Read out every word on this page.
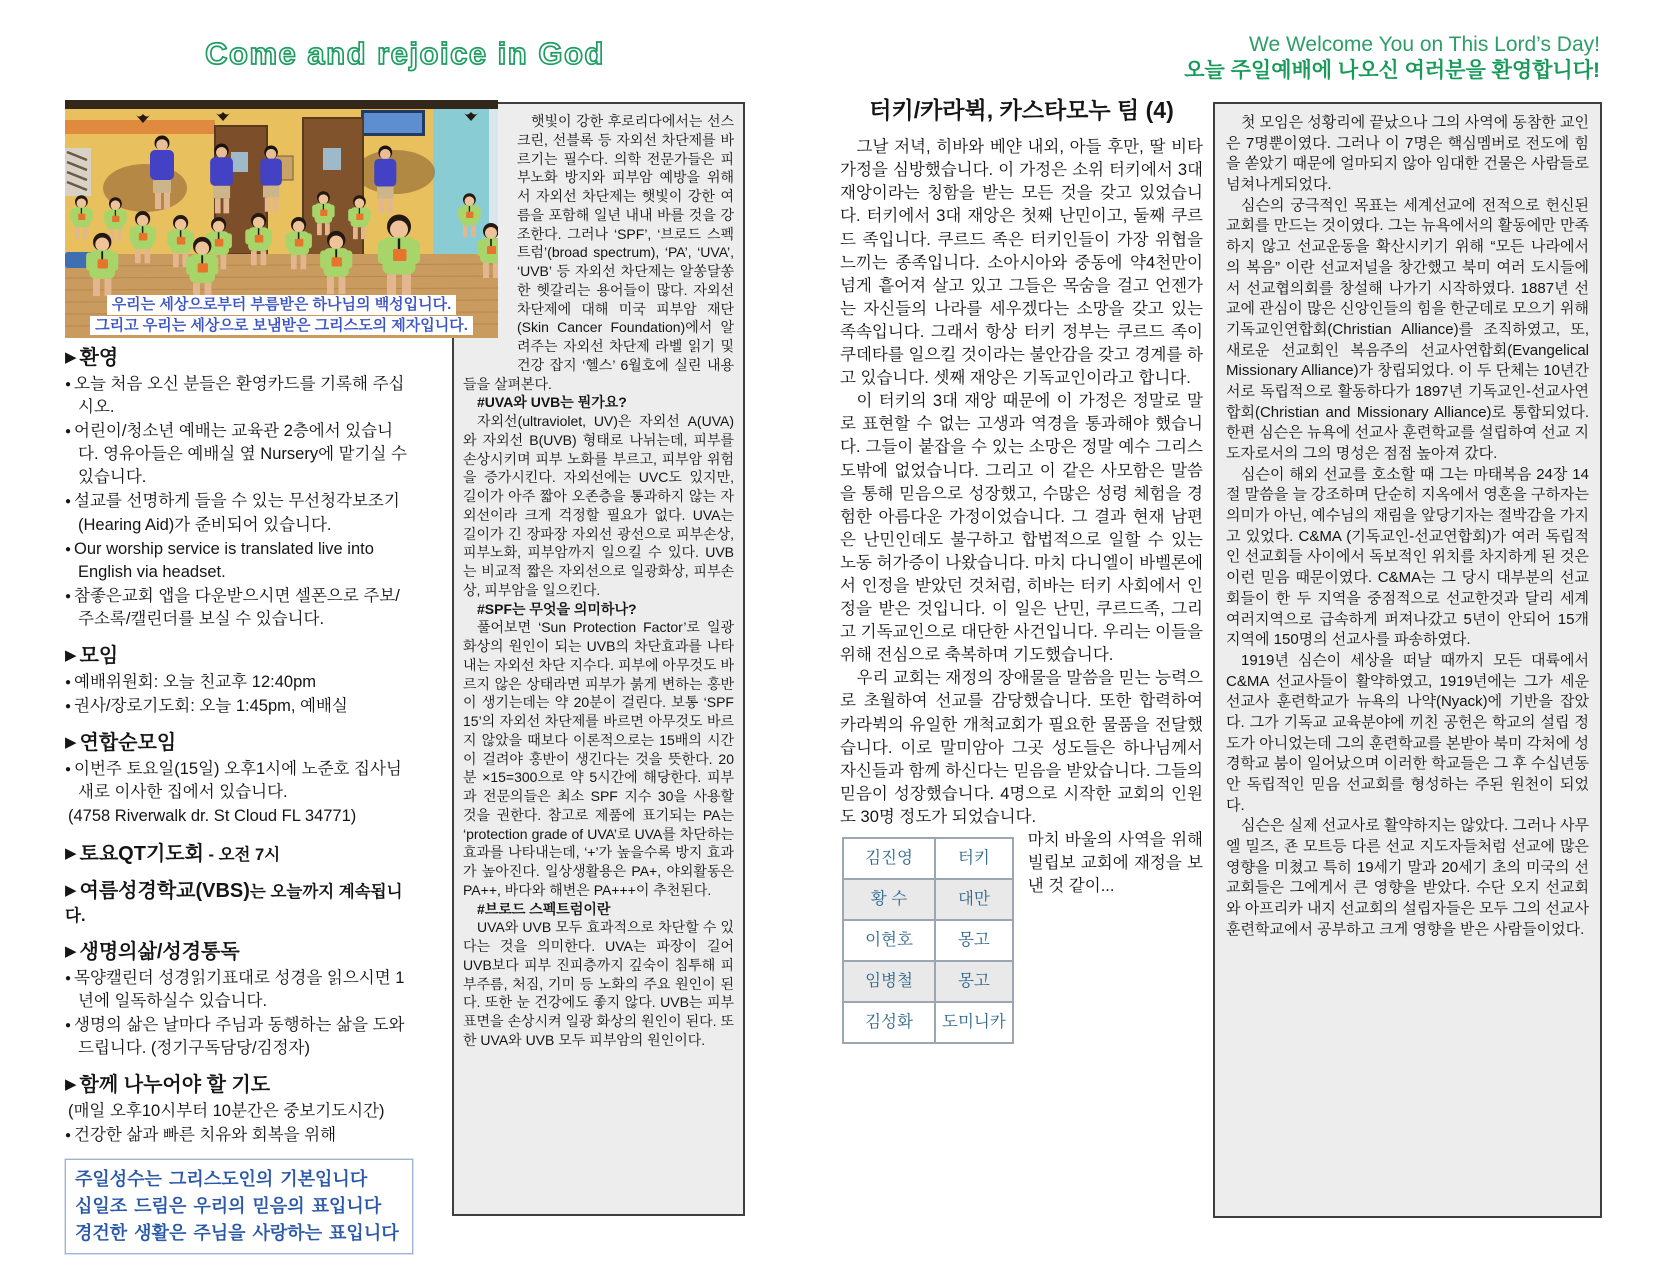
Come and rejoice in God	We Welcome You on This Lord’s Day!
오늘 주일예배에 나오신 여러분을 환영합니다!
우리는 세상으로부터 부름받은 하나님의 백성입니다.
그리고 우리는 세상으로 보냄받은 그리스도의 제자입니다.
▶ 환영
● 오늘 처음 오신 분들은 환영카드를 기록해 주십시오.
● 어린이/청소년 예배는 교육관 2층에서 있습니다. 영유아들은 예배실 옆 Nursery에 맡기실 수 있습니다.
● 설교를 선명하게 들을 수 있는 무선청각보조기(Hearing Aid)가 준비되어 있습니다.
● Our worship service is translated live into English via headset.
● 참좋은교회 앱을 다운받으시면 셀폰으로 주보/주소록/캘린더를 보실 수 있습니다.
▶ 모임
● 예배위원회: 오늘 친교후 12:40pm
● 권사/장로기도회: 오늘 1:45pm, 예배실
▶ 연합순모임
● 이번주 토요일(15일) 오후1시에 노준호 집사님 새로 이사한 집에서 있습니다.
(4758 Riverwalk dr. St Cloud FL 34771)
▶ 토요QT기도회 - 오전 7시
▶ 여름성경학교(VBS)는 오늘까지 계속됩니다.
▶ 생명의삶/성경통독
● 목양캘린더 성경읽기표대로 성경을 읽으시면 1년에 일독하실수 있습니다.
● 생명의 삶은 날마다 주님과 동행하는 삶을 도와드립니다. (정기구독담당/김정자)
▶ 함께 나누어야 할 기도
(매일 오후10시부터 10분간은 중보기도시간)
● 건강한 삶과 빠른 치유와 회복을 위해
주일성수는 그리스도인의 기본입니다
십일조 드림은 우리의 믿음의 표입니다
경건한 생활은 주님을 사랑하는 표입니다

햇빛이 강한 후로리다에서는 선스크린, 선블록 등 자외선 차단제를 바르기는 필수다. 의학 전문가들은 피부노화 방지와 피부암 예방을 위해서 자외선 차단제는 햇빛이 강한 여름을 포함해 일년 내내 바를 것을 강조한다. 그러나 ‘SPF’, ‘브로드 스펙트럼’(broad spectrum), ‘PA’, ‘UVA’, ‘UVB’ 등 자외선 차단제는 알쏭달쏭한 헷갈리는 용어들이 많다. 자외선 차단제에 대해 미국 피부암 재단(Skin Cancer Foundation)에서 알려주는 자외선 차단제 라벨 읽기 및 건강 잡지 ‘헬스’ 6월호에 실린 내용들을 살펴본다.

#UVA와 UVB는 뭔가요?

자외선(ultraviolet, UV)은 자외선 A(UVA)와 자외선 B(UVB) 형태로 나뉘는데, 피부를 손상시키며 피부 노화를 부르고, 피부암 위험을 증가시킨다. 자외선에는 UVC도 있지만, 길이가 아주 짧아 오존층을 통과하지 않는 자외선이라 크게 걱정할 필요가 없다. UVA는 길이가 긴 장파장 자외선 광선으로 피부손상, 피부노화, 피부암까지 일으킬 수 있다. UVB는 비교적 짧은 자외선으로 일광화상, 피부손상, 피부암을 일으킨다.

#SPF는 무엇을 의미하나?

풀어보면 ‘Sun Protection Factor’로 일광화상의 원인이 되는 UVB의 차단효과를 나타내는 자외선 차단 지수다. 피부에 아무것도 바르지 않은 상태라면 피부가 붉게 변하는 홍반이 생기는데는 약 20분이 걸린다. 보통 ‘SPF 15’의 자외선 차단제를 바르면 아무것도 바르지 않았을 때보다 이론적으로는 15배의 시간이 걸려야 홍반이 생긴다는 것을 뜻한다. 20분 ×15=300으로 약 5시간에 해당한다. 피부과 전문의들은 최소 SPF 지수 30을 사용할 것을 권한다. 참고로 제품에 표기되는 PA는 ‘protection grade of UVA’로 UVA를 차단하는 효과를 나타내는데, ‘+’가 높을수록 방지 효과가 높아진다. 일상생활용은 PA+, 야외활동은 PA++, 바다와 해변은 PA+++이 추천된다.

#브로드 스펙트럼이란

UVA와 UVB 모두 효과적으로 차단할 수 있다는 것을 의미한다. UVA는 파장이 길어 UVB보다 피부 진피층까지 깊숙이 침투해 피부주름, 처짐, 기미 등 노화의 주요 원인이 된다. 또한 눈 건강에도 좋지 않다. UVB는 피부 표면을 손상시켜 일광 화상의 원인이 된다. 또한 UVA와 UVB 모두 피부암의 원인이다.

터키/카라뷕, 카스타모누 팀 (4)

그날 저녁, 히바와 베얀 내외, 아들 후만, 딸 비타 가정을 심방했습니다. 이 가정은 소위 터키에서 3대 재앙이라는 칭함을 받는 모든 것을 갖고 있었습니다. 터키에서 3대 재앙은 첫째 난민이고, 둘째 쿠르드 족입니다. 쿠르드 족은 터키인들이 가장 위협을 느끼는 종족입니다. 소아시아와 중동에 약4천만이 넘게 흩어져 살고 있고 그들은 목숨을 걸고 언젠가는 자신들의 나라를 세우겠다는 소망을 갖고 있는 족속입니다. 그래서 항상 터키 정부는 쿠르드 족이 쿠데타를 일으킬 것이라는 불안감을 갖고 경계를 하고 있습니다. 셋째 재앙은 기독교인이라고 합니다.

이 터키의 3대 재앙 때문에 이 가정은 정말로 말로 표현할 수 없는 고생과 역경을 통과해야 했습니다. 그들이 붙잡을 수 있는 소망은 정말 예수 그리스도밖에 없었습니다. 그리고 이 같은 사모함은 말씀을 통해 믿음으로 성장했고, 수많은 성령 체험을 경험한 아름다운 가정이었습니다. 그 결과 현재 남편은 난민인데도 불구하고 합법적으로 일할 수 있는 노동 허가증이 나왔습니다. 마치 다니엘이 바벨론에서 인정을 받았던 것처럼, 히바는 터키 사회에서 인정을 받은 것입니다. 이 일은 난민, 쿠르드족, 그리고 기독교인으로 대단한 사건입니다. 우리는 이들을 위해 전심으로 축복하며 기도했습니다.

우리 교회는 재정의 장애물을 말씀을 믿는 능력으로 초월하여 선교를 감당했습니다. 또한 합력하여 카라뷕의 유일한 개척교회가 필요한 물품을 전달했습니다. 이로 말미암아 그곳 성도들은 하나님께서 자신들과 함께 하신다는 믿음을 받았습니다. 그들의 믿음이 성장했습니다. 4명으로 시작한 교회의 인원도 30명 정도가 되었습니다.

김진영	터키
황 수	대만
이현호	몽고
임병철	몽고
김성화	도미니카

마치 바울의 사역을 위해 빌립보 교회에 재정을 보낸 것 같이...

첫 모임은 성황리에 끝났으나 그의 사역에 동참한 교인은 7명뿐이였다. 그러나 이 7명은 핵심멤버로 전도에 힘을 쏟았기 때문에 얼마되지 않아 임대한 건물은 사람들로 넘쳐나게되었다.

심슨의 궁극적인 목표는 세계선교에 전적으로 헌신된 교회를 만드는 것이였다. 그는 뉴욕에서의 활동에만 만족하지 않고 선교운동을 확산시키기 위해 “모든 나라에서의 복음” 이란 선교저널을 창간했고 북미 여러 도시들에서 선교협의회를 창설해 나가기 시작하였다. 1887년 선교에 관심이 많은 신앙인들의 힘을 한군데로 모으기 위해 기독교인연합회(Christian Alliance)를 조직하였고, 또, 새로운 선교회인 복음주의 선교사연합회(Evangelical Missionary Alliance)가 창립되었다. 이 두 단체는 10년간 서로 독립적으로 활동하다가 1897년 기독교인-선교사연합회(Christian and Missionary Alliance)로 통합되었다. 한편 심슨은 뉴욕에 선교사 훈련학교를 설립하여 선교 지도자로서의 그의 명성은 점점 높아져 갔다.

심슨이 해외 선교를 호소할 때 그는 마태복음 24장 14절 말씀을 늘 강조하며 단순히 지옥에서 영혼을 구하자는 의미가 아닌, 예수님의 재림을 앞당기자는 절박감을 가지고 있었다. C&MA (기독교인-선교연합회)가 여러 독립적인 선교회들 사이에서 독보적인 위치를 차지하게 된 것은 이런 믿음 때문이였다. C&MA는 그 당시 대부분의 선교회들이 한 두 지역을 중점적으로 선교한것과 달리 세계 여러지역으로 급속하게 퍼져나갔고 5년이 안되어 15개 지역에 150명의 선교사를 파송하였다.

1919년 심슨이 세상을 떠날 때까지 모든 대륙에서 C&MA 선교사들이 활약하였고, 1919년에는 그가 세운 선교사 훈련학교가 뉴욕의 나약(Nyack)에 기반을 잡았다. 그가 기독교 교육분야에 끼친 공헌은 학교의 설립 정도가 아니었는데 그의 훈련학교를 본받아 북미 각처에 성경학교 붐이 일어났으며 이러한 학교들은 그 후 수십년동안 독립적인 믿음 선교회를 형성하는 주된 원천이 되었다.

심슨은 실제 선교사로 활약하지는 않았다. 그러나 사무엘 밀즈, 죤 모트등 다른 선교 지도자들처럼 선교에 많은 영향을 미쳤고 특히 19세기 말과 20세기 초의 미국의 선교회들은 그에게서 큰 영향을 받았다. 수단 오지 선교회와 아프리카 내지 선교회의 설립자들은 모두 그의 선교사 훈련학교에서 공부하고 크게 영향을 받은 사람들이었다.
